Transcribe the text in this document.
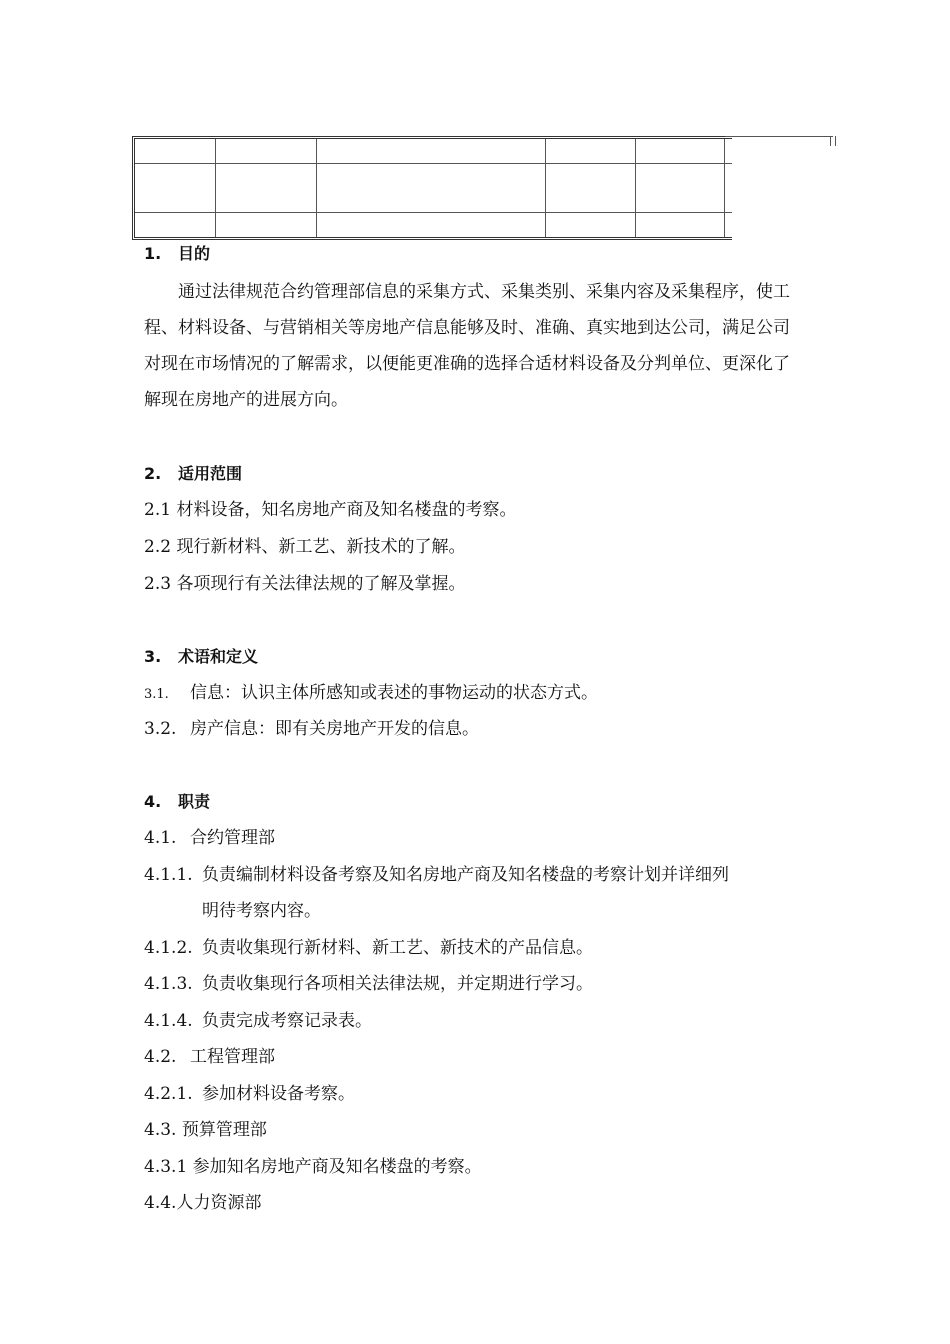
1. 目的
通过法律规范合约管理部信息的采集方式、采集类别、采集内容及采集程序，使工程、材料设备、与营销相关等房地产信息能够及时、准确、真实地到达公司，满足公司对现在市场情况的了解需求，以便能更准确的选择合适材料设备及分判单位、更深化了解现在房地产的进展方向。
2. 适用范围
2.1 材料设备，知名房地产商及知名楼盘的考察。
2.2 现行新材料、新工艺、新技术的了解。
2.3 各项现行有关法律法规的了解及掌握。
3. 术语和定义
3.1. 信息：认识主体所感知或表述的事物运动的状态方式。
3.2. 房产信息：即有关房地产开发的信息。
4. 职责
4.1. 合约管理部
4.1.1. 负责编制材料设备考察及知名房地产商及知名楼盘的考察计划并详细列
明待考察内容。
4.1.2. 负责收集现行新材料、新工艺、新技术的产品信息。
4.1.3. 负责收集现行各项相关法律法规，并定期进行学习。
4.1.4. 负责完成考察记录表。
4.2. 工程管理部
4.2.1. 参加材料设备考察。
4.3. 预算管理部
4.3.1 参加知名房地产商及知名楼盘的考察。
4.4.人力资源部
